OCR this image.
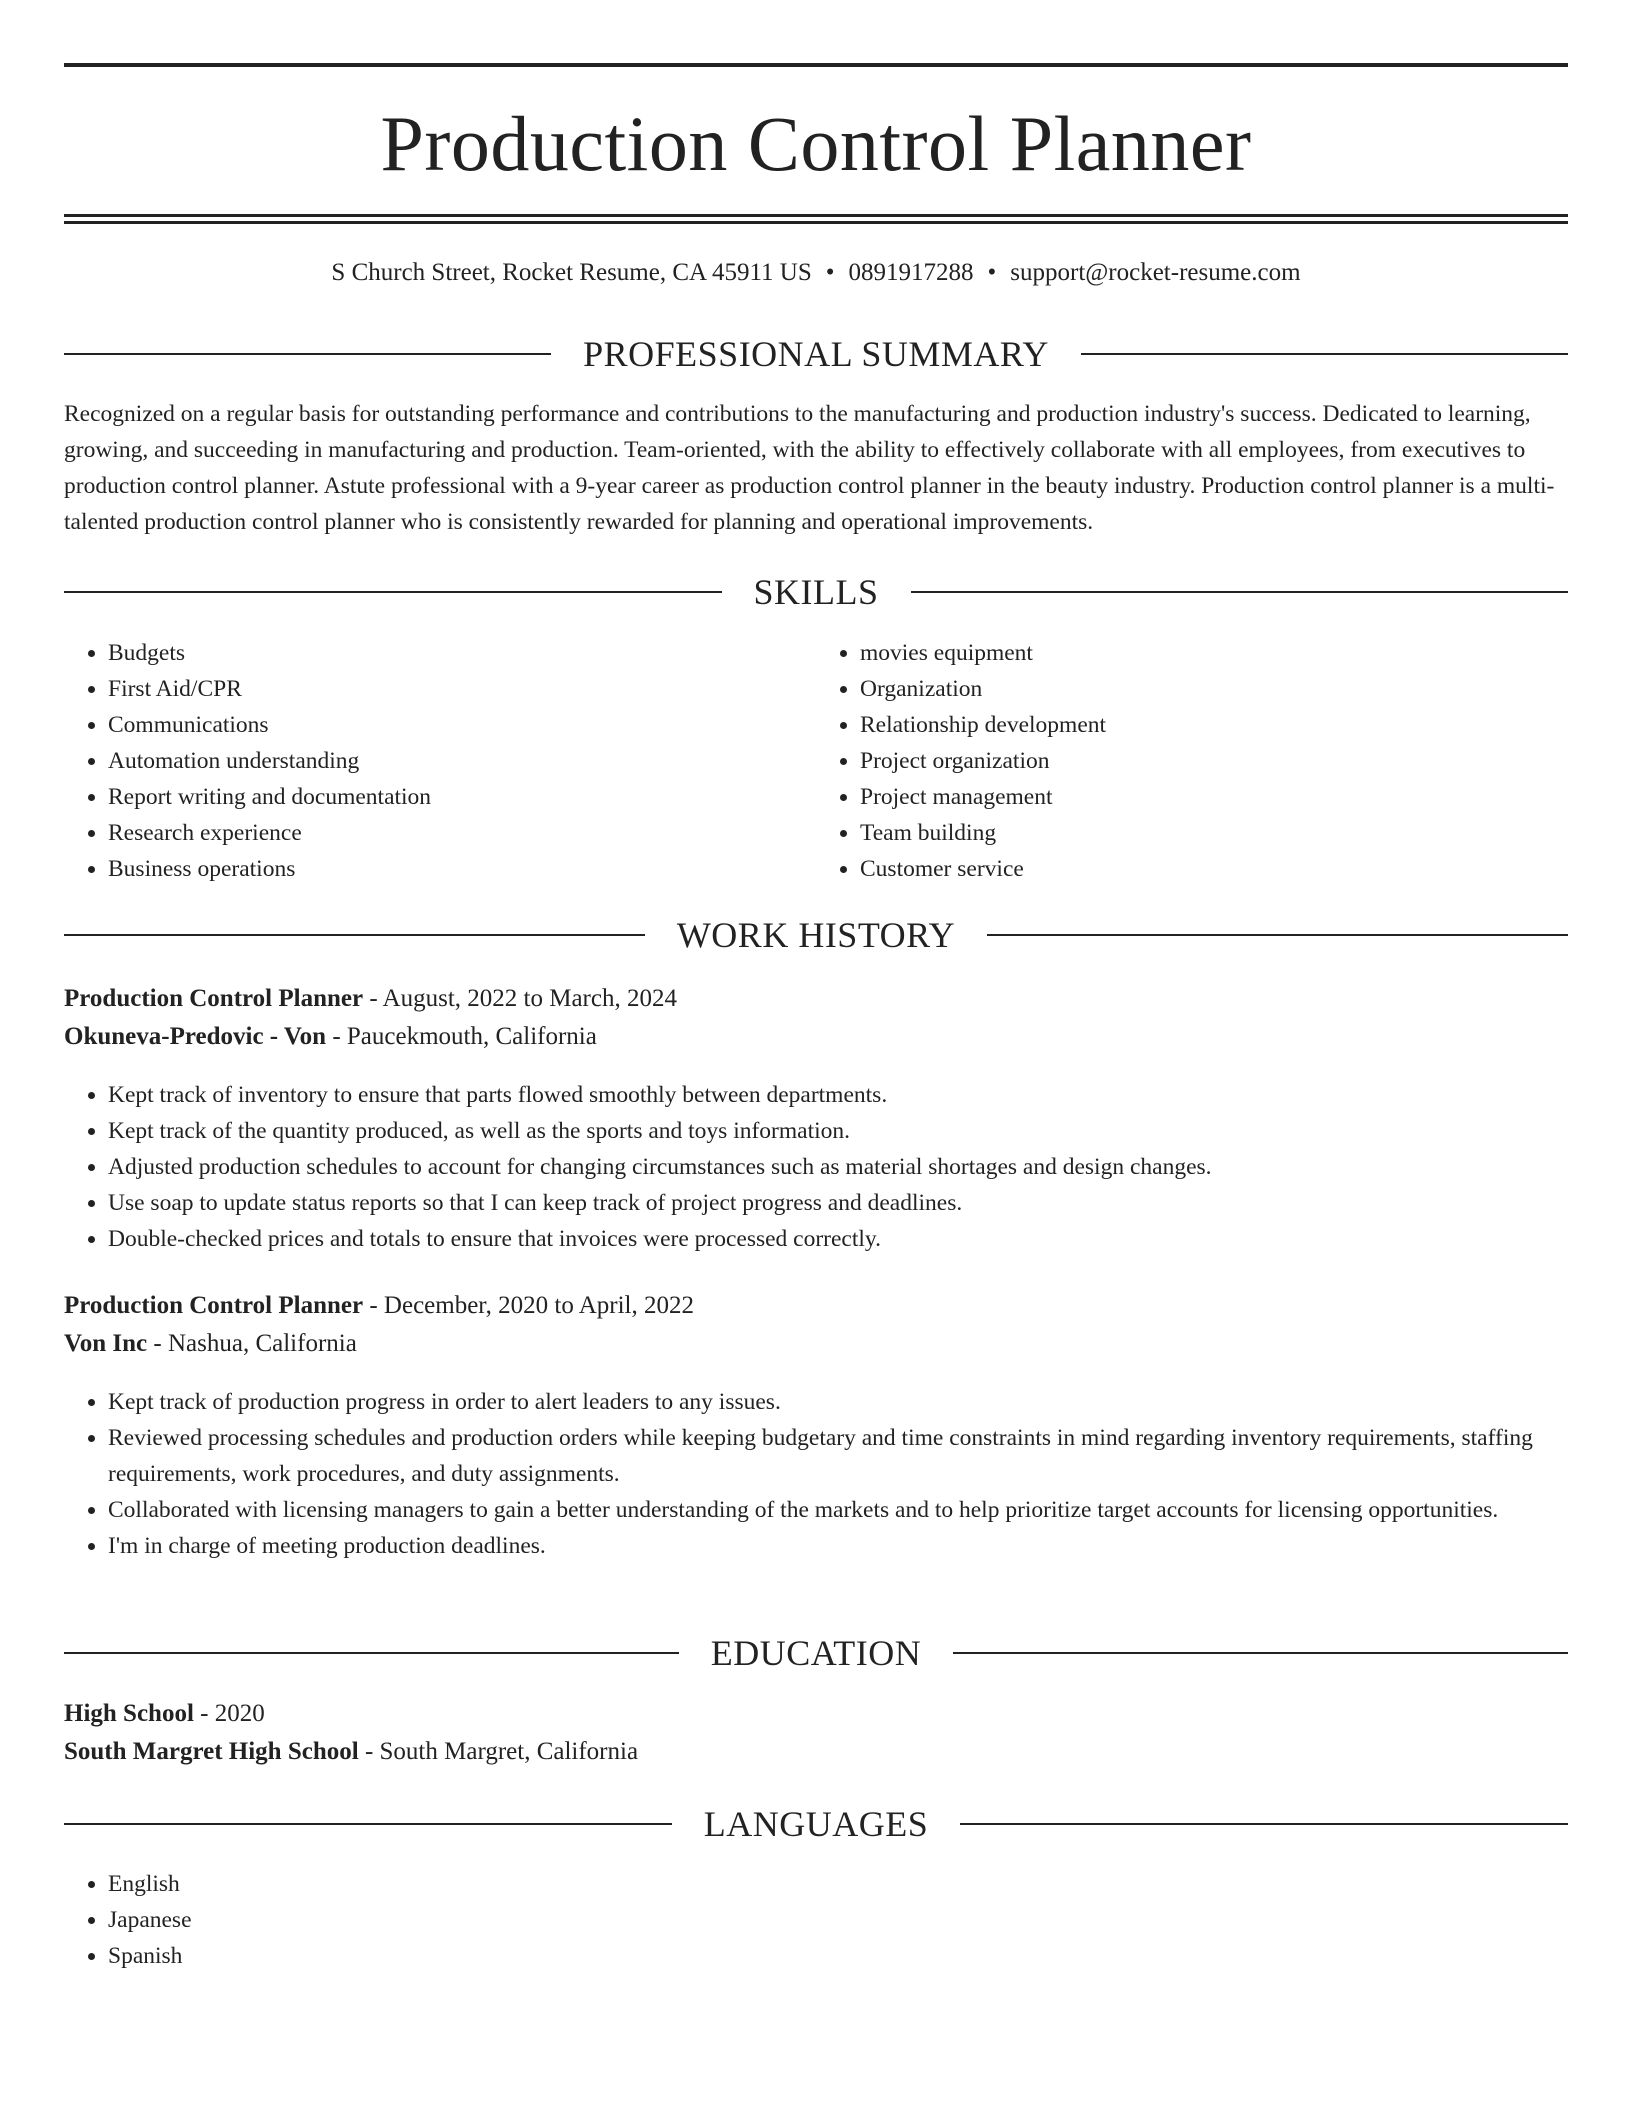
Production Control Planner
S Church Street, Rocket Resume, CA 45911 US • 0891917288 • support@rocket-resume.com
PROFESSIONAL SUMMARY

Recognized on a regular basis for outstanding performance and contributions to the manufacturing and production industry's success. Dedicated to learning, growing, and succeeding in manufacturing and production. Team-oriented, with the ability to effectively collaborate with all employees, from executives to production control planner. Astute professional with a 9-year career as production control planner in the beauty industry. Production control planner is a multi-talented production control planner who is consistently rewarded for planning and operational improvements.

SKILLS
• Budgets
• First Aid/CPR
• Communications
• Automation understanding
• Report writing and documentation
• Research experience
• Business operations
• movies equipment
• Organization
• Relationship development
• Project organization
• Project management
• Team building
• Customer service
WORK HISTORY
Production Control Planner - August, 2022 to March, 2024
Okuneva-Predovic - Von - Paucekmouth, California
• Kept track of inventory to ensure that parts flowed smoothly between departments.
• Kept track of the quantity produced, as well as the sports and toys information.
• Adjusted production schedules to account for changing circumstances such as material shortages and design changes.
• Use soap to update status reports so that I can keep track of project progress and deadlines.
• Double-checked prices and totals to ensure that invoices were processed correctly.
Production Control Planner - December, 2020 to April, 2022
Von Inc - Nashua, California
• Kept track of production progress in order to alert leaders to any issues.
• Reviewed processing schedules and production orders while keeping budgetary and time constraints in mind regarding inventory requirements, staffing requirements, work procedures, and duty assignments.
• Collaborated with licensing managers to gain a better understanding of the markets and to help prioritize target accounts for licensing opportunities.
• I'm in charge of meeting production deadlines.
EDUCATION
High School - 2020
South Margret High School - South Margret, California
LANGUAGES
• English
• Japanese
• Spanish
